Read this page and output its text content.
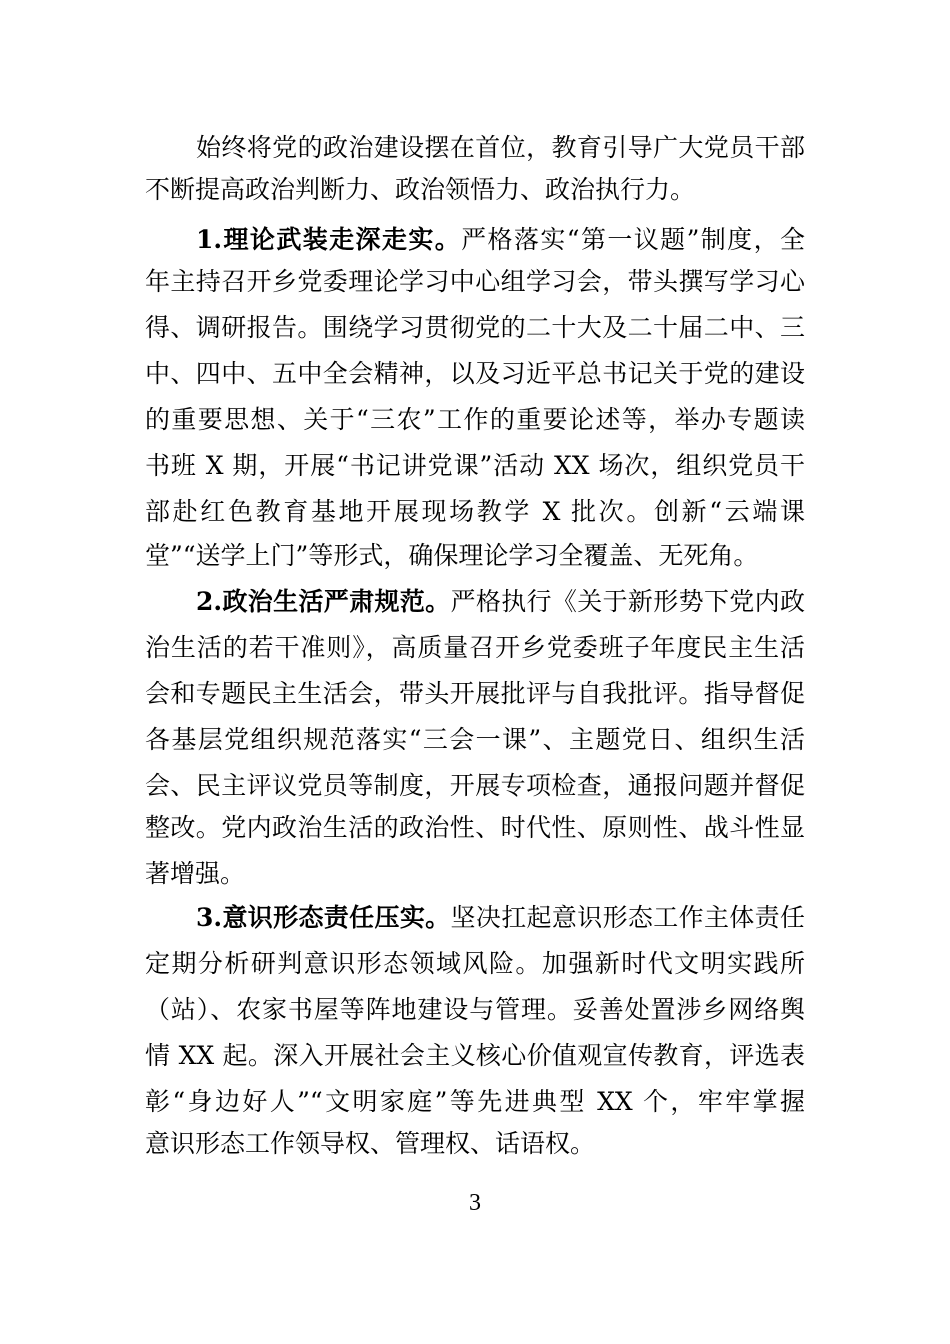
始终将党的政治建设摆在首位，教育引导广大党员干部
不断提高政治判断力、政治领悟力、政治执行力。
1.理论武装走深走实。严格落实“第一议题”制度，全
年主持召开乡党委理论学习中心组学习会，带头撰写学习心
得、调研报告。围绕学习贯彻党的二十大及二十届二中、三
中、四中、五中全会精神，以及习近平总书记关于党的建设
的重要思想、关于“三农”工作的重要论述等，举办专题读
书班 X 期，开展“书记讲党课”活动 XX 场次，组织党员干
部赴红色教育基地开展现场教学 X 批次。创新“云端课
堂”“送学上门”等形式，确保理论学习全覆盖、无死角。
2.政治生活严肃规范。严格执行《关于新形势下党内政
治生活的若干准则》，高质量召开乡党委班子年度民主生活
会和专题民主生活会，带头开展批评与自我批评。指导督促
各基层党组织规范落实“三会一课”、主题党日、组织生活
会、民主评议党员等制度，开展专项检查，通报问题并督促
整改。党内政治生活的政治性、时代性、原则性、战斗性显
著增强。
3.意识形态责任压实。坚决扛起意识形态工作主体责任
定期分析研判意识形态领域风险。加强新时代文明实践所
（站）、农家书屋等阵地建设与管理。妥善处置涉乡网络舆
情 XX 起。深入开展社会主义核心价值观宣传教育，评选表
彰“身边好人”“文明家庭”等先进典型 XX 个，牢牢掌握
意识形态工作领导权、管理权、话语权。
3
